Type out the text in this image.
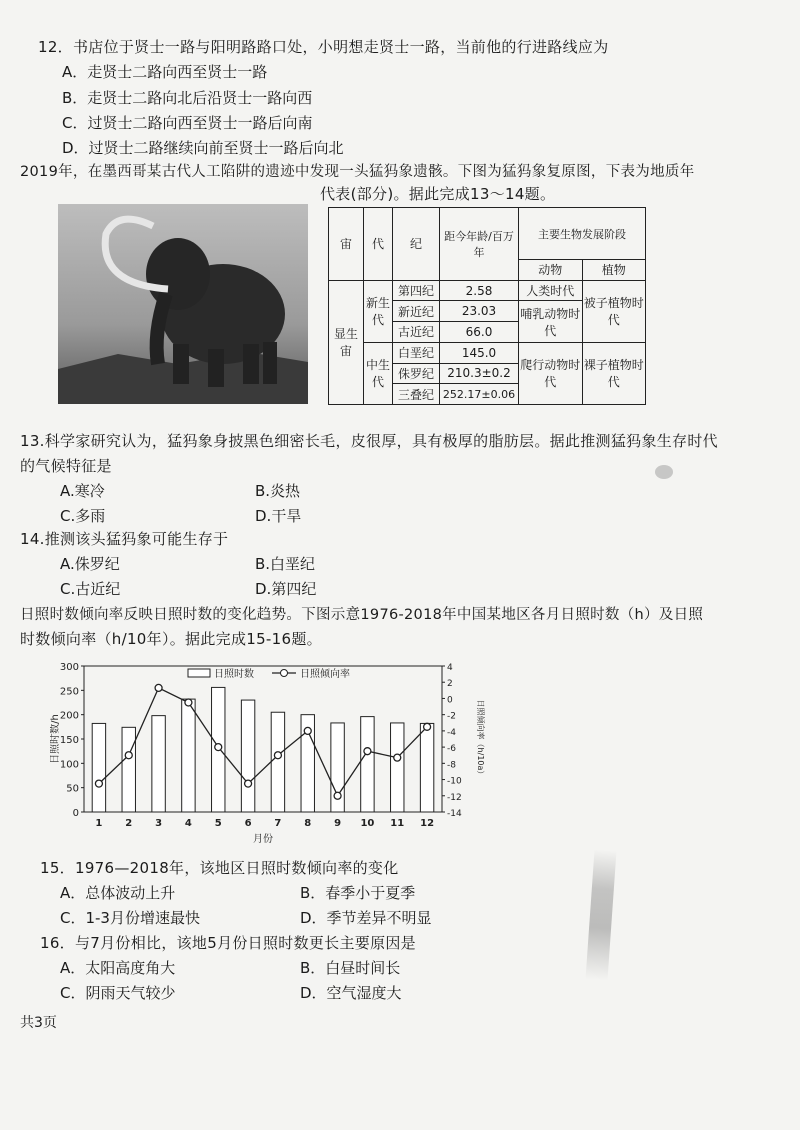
12．书店位于贤士一路与阳明路路口处，小明想走贤士一路，当前他的行进路线应为
A．走贤士二路向西至贤士一路
B．走贤士二路向北后沿贤士一路向西
C．过贤士二路向西至贤士一路后向南
D．过贤士二路继续向前至贤士一路后向北
2019年，在墨西哥某古代人工陷阱的遗迹中发现一头猛犸象遗骸。下图为猛犸象复原图，下表为地质年
代表(部分)。据此完成13～14题。
宙	代	纪	距今年龄/百万年	主要生物发展阶段	
				动物	植物
显生宙	新生代	第四纪	2.58	人类时代	被子植物时代
		新近纪	23.03	哺乳动物时代	
		古近纪	66.0		
	中生代	白垩纪	145.0	爬行动物时代	裸子植物时代
		侏罗纪	210.3±0.2		
		三叠纪	252.17±0.06		
13.科学家研究认为，猛犸象身披黑色细密长毛，皮很厚，具有极厚的脂肪层。据此推测猛犸象生存时代
的气候特征是
A.寒冷	B.炎热
C.多雨	D.干旱
14.推测该头猛犸象可能生存于
A.侏罗纪	B.白垩纪
C.古近纪	D.第四纪
日照时数倾向率反映日照时数的变化趋势。下图示意1976-2018年中国某地区各月日照时数（h）及日照
时数倾向率（h/10年）。据此完成15-16题。
0
50
100
150
200
250
300	4
2
0
-2
-4
-6
-8
-10
-12
-14
1 2 3 4 5 6 7 8 9 10 11 12
日照时数	日照倾向率
月份
日照时数/h	日照倾向率（h/10a）
15．1976—2018年，该地区日照时数倾向率的变化
A．总体波动上升	B．春季小于夏季
C．1-3月份增速最快	D．季节差异不明显
16．与7月份相比，该地5月份日照时数更长主要原因是
A．太阳高度角大	B．白昼时间长
C．阴雨天气较少	D．空气湿度大
共3页
